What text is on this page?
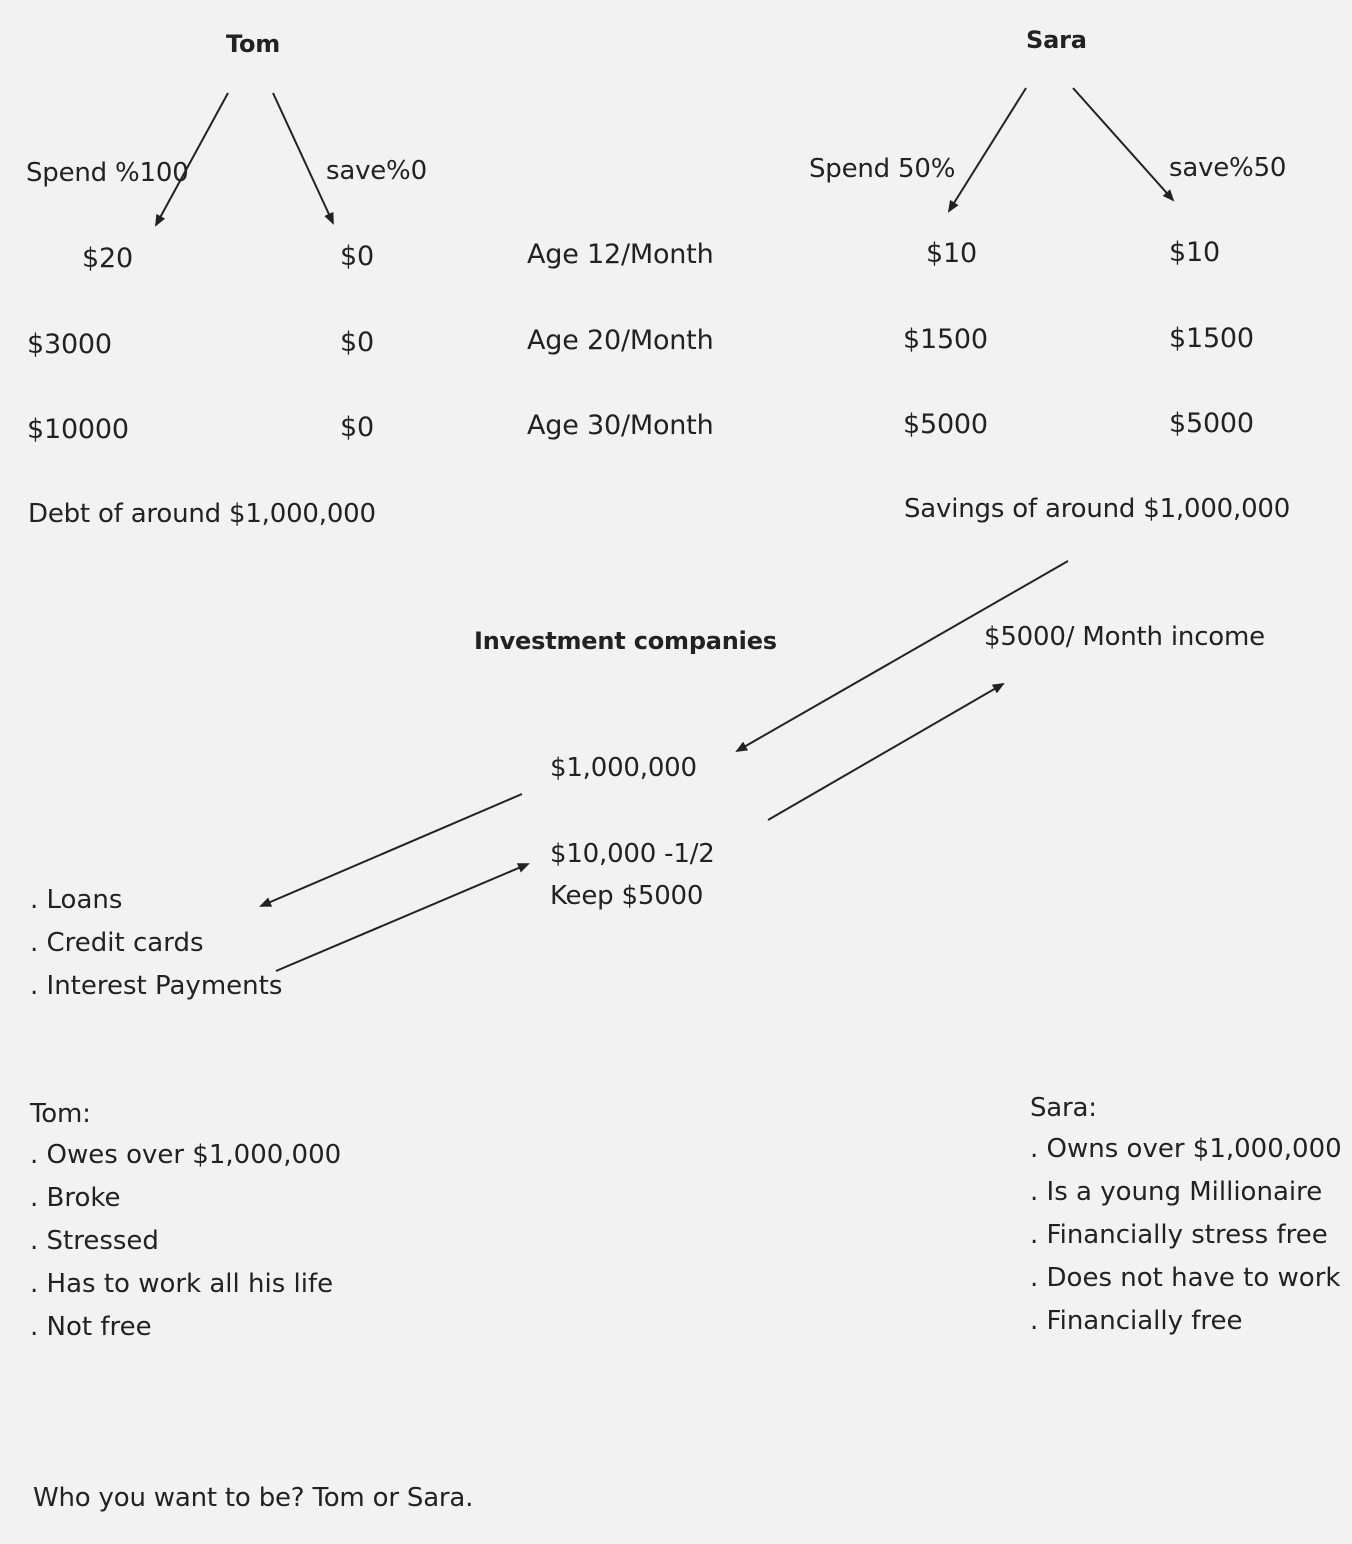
Tom
Spend %100	save%0
Sara
Spend 50%	save%50
$20	$0	Age 12/Month	$10	$10
$3000	$0	Age 20/Month	$1500	$1500
$10000	$0	Age 30/Month	$5000	$5000
Debt of around $1,000,000	Savings of around $1,000,000
Investment companies	$5000/ Month income
$1,000,000
$10,000 -1/2
Keep $5000
. Loans
. Credit cards
. Interest Payments
Tom:
. Owes over $1,000,000
. Broke
. Stressed
. Has to work all his life
. Not free
Sara:
. Owns over $1,000,000
. Is a young Millionaire
. Financially stress free
. Does not have to work
. Financially free
Who you want to be? Tom or Sara.
